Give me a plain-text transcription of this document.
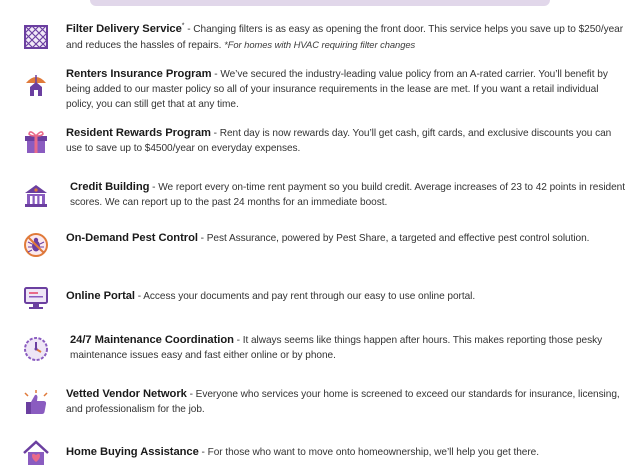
Filter Delivery Service* - Changing filters is as easy as opening the front door. This service helps you save up to $250/year and reduces the hassles of repairs. *For homes with HVAC requiring filter changes
Renters Insurance Program - We’ve secured the industry-leading value policy from an A-rated carrier. You’ll benefit by being added to our master policy so all of your insurance requirements in the lease are met. If you want a retail individual policy, you can still get that at any time.
Resident Rewards Program - Rent day is now rewards day. You’ll get cash, gift cards, and exclusive discounts you can use to save up to $4500/year on everyday expenses.
Credit Building - We report every on-time rent payment so you build credit. Average increases of 23 to 42 points in resident scores. We can report up to the past 24 months for an immediate boost.
On-Demand Pest Control - Pest Assurance, powered by Pest Share, a targeted and effective pest control solution.
Online Portal - Access your documents and pay rent through our easy to use online portal.
24/7 Maintenance Coordination - It always seems like things happen after hours. This makes reporting those pesky maintenance issues easy and fast either online or by phone.
Vetted Vendor Network - Everyone who services your home is screened to exceed our standards for insurance, licensing, and professionalism for the job.
Home Buying Assistance - For those who want to move onto homeownership, we’ll help you get there.
